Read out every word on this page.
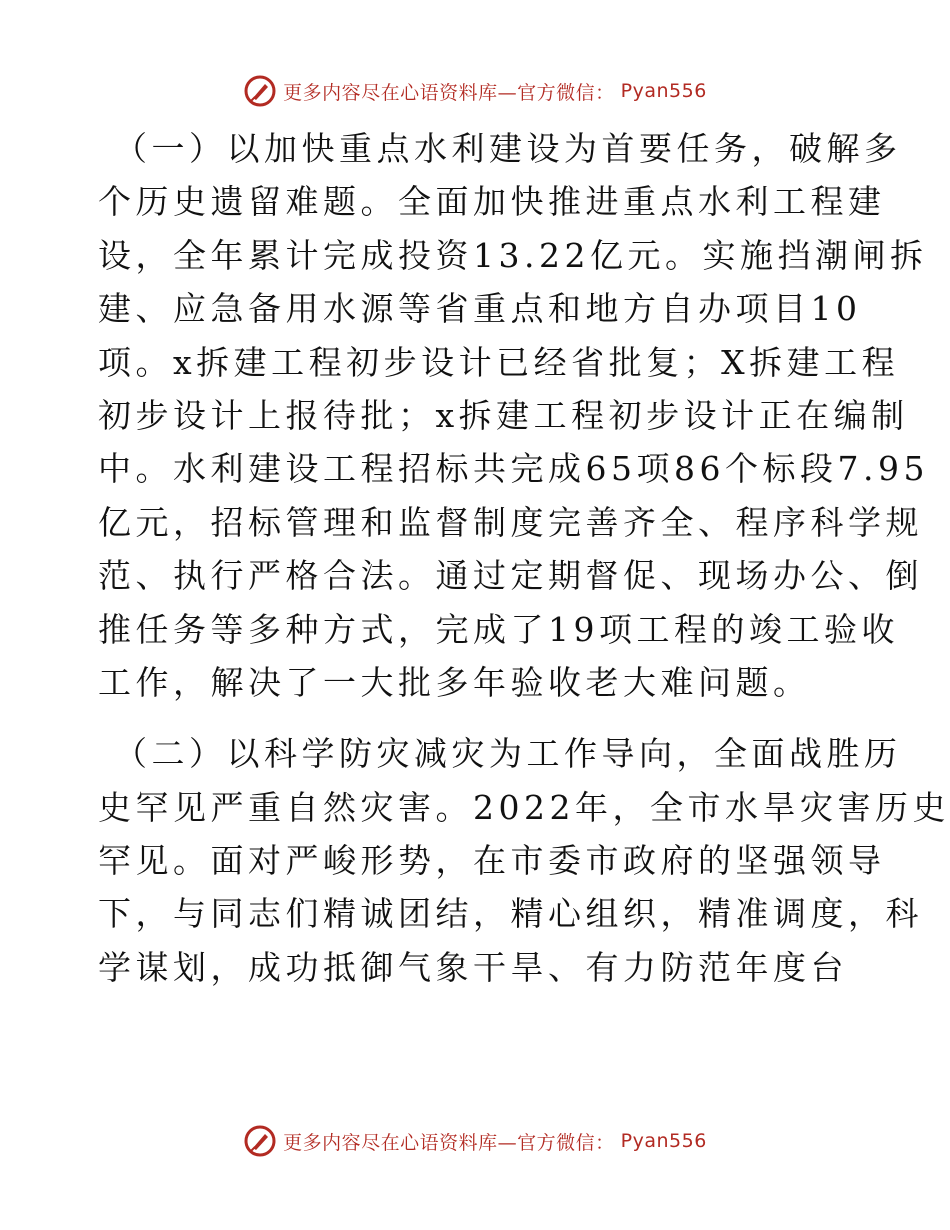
更多内容尽在心语资料库—官方微信： Pyan556
（一）以加快重点水利建设为首要任务，破解多
个历史遗留难题。全面加快推进重点水利工程建
设，全年累计完成投资13.22亿元。实施挡潮闸拆
建、应急备用水源等省重点和地方自办项目10
项。x拆建工程初步设计已经省批复；X拆建工程
初步设计上报待批；x拆建工程初步设计正在编制
中。水利建设工程招标共完成65项86个标段7.95
亿元，招标管理和监督制度完善齐全、程序科学规
范、执行严格合法。通过定期督促、现场办公、倒
推任务等多种方式，完成了19项工程的竣工验收
工作，解决了一大批多年验收老大难问题。
（二）以科学防灾减灾为工作导向，全面战胜历
史罕见严重自然灾害。2022年，全市水旱灾害历史
罕见。面对严峻形势，在市委市政府的坚强领导
下，与同志们精诚团结，精心组织，精准调度，科
学谋划，成功抵御气象干旱、有力防范年度台
更多内容尽在心语资料库—官方微信： Pyan556
